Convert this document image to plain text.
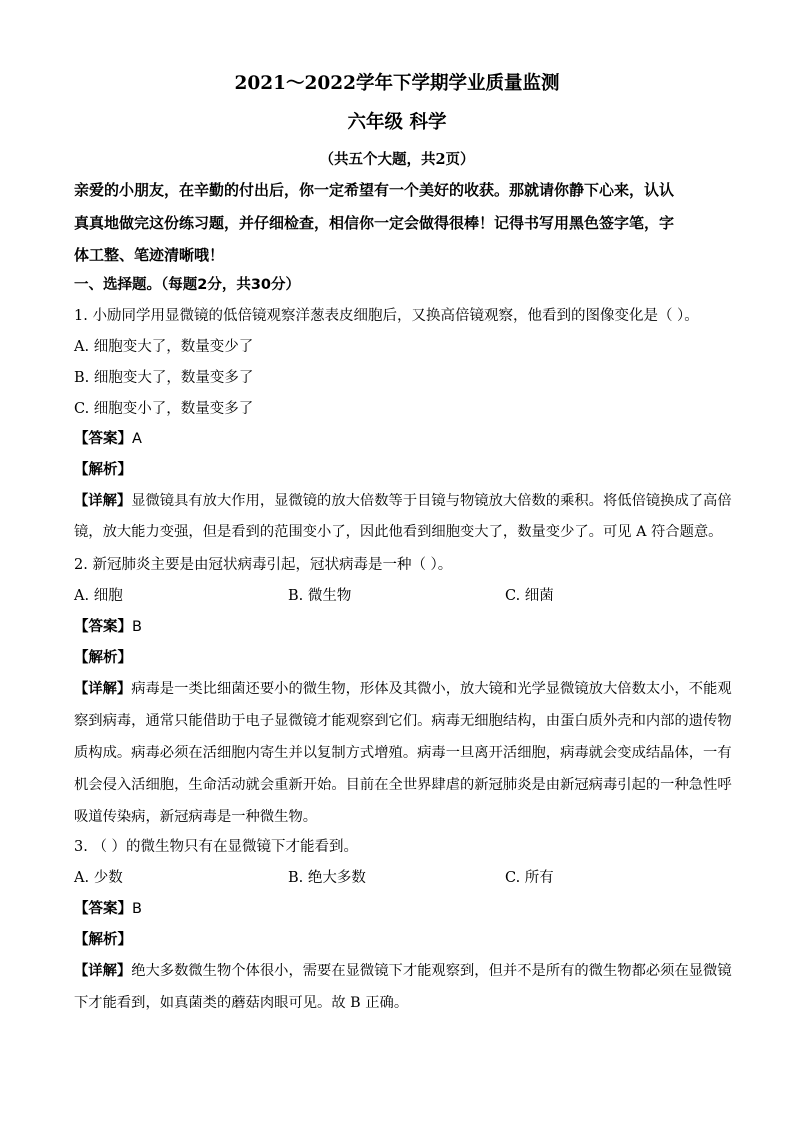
2021～2022学年下学期学业质量监测
六年级 科学
（共五个大题，共2页）
亲爱的小朋友，在辛勤的付出后，你一定希望有一个美好的收获。那就请你静下心来，认认
真真地做完这份练习题，并仔细检查，相信你一定会做得很棒！记得书写用黑色签字笔，字
体工整、笔迹清晰哦！
一、选择题。（每题2分，共30分）
1. 小励同学用显微镜的低倍镜观察洋葱表皮细胞后，又换高倍镜观察，他看到的图像变化是（ ）。
A. 细胞变大了，数量变少了
B. 细胞变大了，数量变多了
C. 细胞变小了，数量变多了
【答案】A
【解析】
【详解】显微镜具有放大作用，显微镜的放大倍数等于目镜与物镜放大倍数的乘积。将低倍镜换成了高倍
镜，放大能力变强，但是看到的范围变小了，因此他看到细胞变大了，数量变少了。可见 A 符合题意。
2. 新冠肺炎主要是由冠状病毒引起，冠状病毒是一种（ ）。
A. 细胞	B. 微生物	C. 细菌
【答案】B
【解析】
【详解】病毒是一类比细菌还要小的微生物，形体及其微小，放大镜和光学显微镜放大倍数太小，不能观
察到病毒，通常只能借助于电子显微镜才能观察到它们。病毒无细胞结构，由蛋白质外壳和内部的遗传物
质构成。病毒必须在活细胞内寄生并以复制方式增殖。病毒一旦离开活细胞，病毒就会变成结晶体，一有
机会侵入活细胞，生命活动就会重新开始。目前在全世界肆虐的新冠肺炎是由新冠病毒引起的一种急性呼
吸道传染病，新冠病毒是一种微生物。
3. （ ）的微生物只有在显微镜下才能看到。
A. 少数	B. 绝大多数	C. 所有
【答案】B
【解析】
【详解】绝大多数微生物个体很小，需要在显微镜下才能观察到，但并不是所有的微生物都必须在显微镜
下才能看到，如真菌类的蘑菇肉眼可见。故 B 正确。
